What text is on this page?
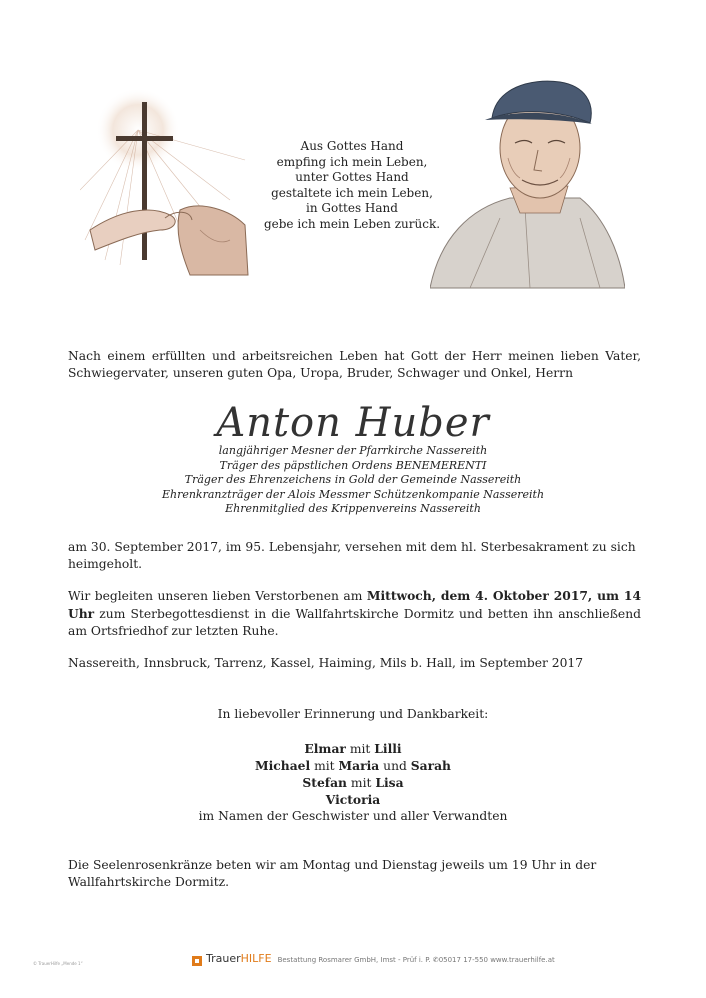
Aus Gottes Hand
empfing ich mein Leben,
unter Gottes Hand
gestaltete ich mein Leben,
in Gottes Hand
gebe ich mein Leben zurück.
Nach einem erfüllten und arbeitsreichen Leben hat Gott der Herr meinen lieben Vater, Schwiegervater, unseren guten Opa, Uropa, Bruder, Schwager und Onkel, Herrn
Anton Huber
langjähriger Mesner der Pfarrkirche Nassereith
Träger des päpstlichen Ordens BENEMERENTI
Träger des Ehrenzeichens in Gold der Gemeinde Nassereith
Ehrenkranzträger der Alois Messmer Schützenkompanie Nassereith
Ehrenmitglied des Krippenvereins Nassereith
am 30. September 2017, im 95. Lebensjahr, versehen mit dem hl. Sterbesakrament zu sich heimgeholt.
Wir begleiten unseren lieben Verstorbenen am Mittwoch, dem 4. Oktober 2017, um 14 Uhr zum Sterbegottesdienst in die Wallfahrtskirche Dormitz und betten ihn anschließend am Ortsfriedhof zur letzten Ruhe.
Nassereith, Innsbruck, Tarrenz, Kassel, Haiming, Mils b. Hall, im September 2017
In liebevoller Erinnerung und Dankbarkeit:
Elmar mit Lilli
Michael mit Maria und Sarah
Stefan mit Lisa
Victoria
im Namen der Geschwister und aller Verwandten
Die Seelenrosenkränze beten wir am Montag und Dienstag jeweils um 19 Uhr in der Wallfahrtskirche Dormitz.
TrauerHILFE Bestattung Rosmarer GmbH, Imst - Prüf i. P. ✆05017 17-550 www.trauerhilfe.at
© TrauerHilfe „Mende 1“
